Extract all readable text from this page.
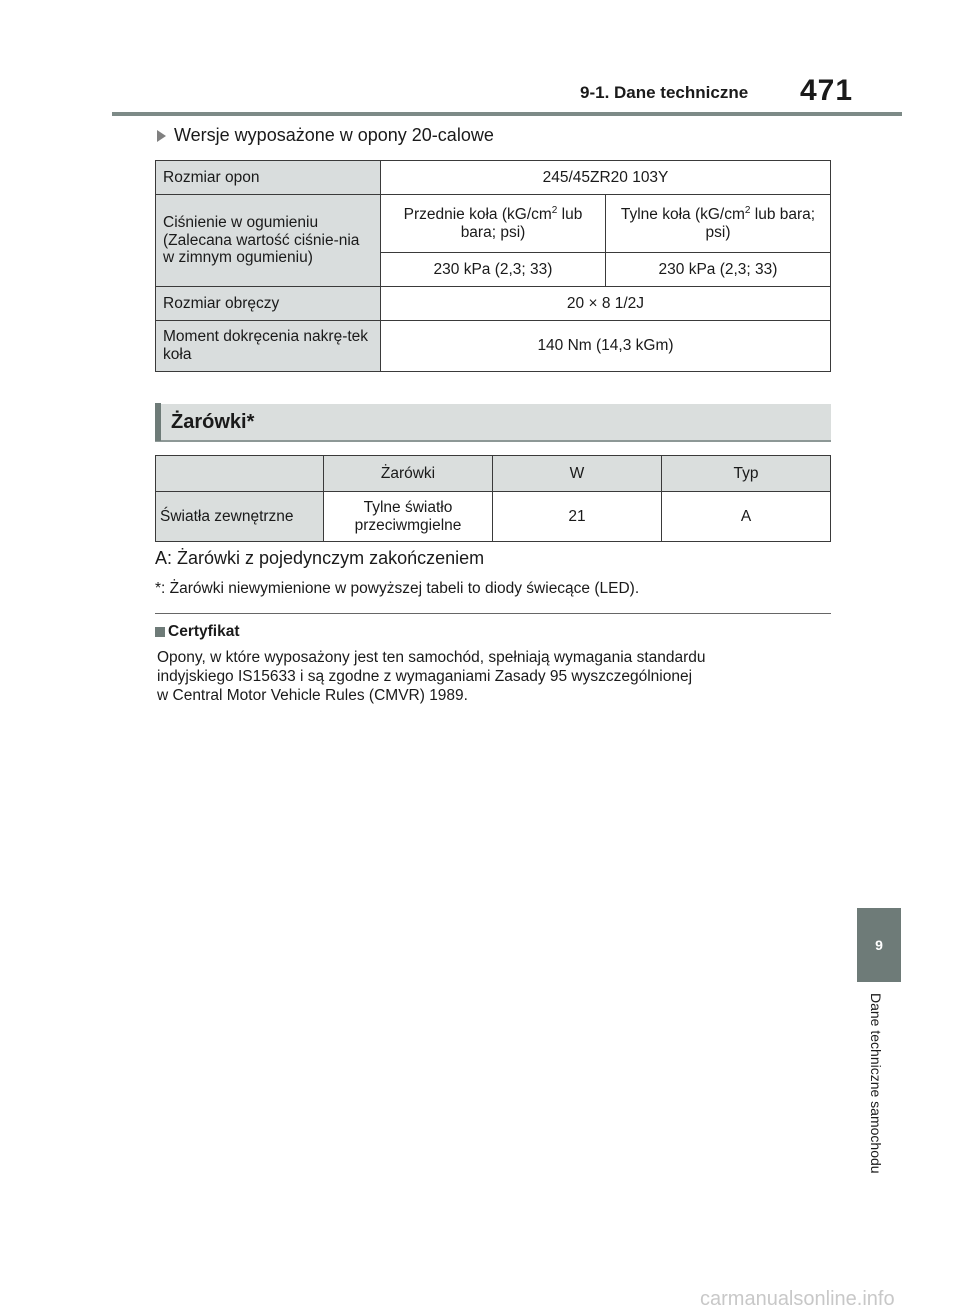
9-1. Dane techniczne 471
Wersje wyposażone w opony 20-calowe
Rozmiar opon	245/45ZR20 103Y	
Ciśnienie w ogumieniu (Zalecana wartość ciśnie-nia w zimnym ogumieniu)	Przednie koła ($kG/cm^2$ lub bara; psi)	Tylne koła ($kG/cm^2$ lub bara; psi)
	230 kPa (2,3; 33)	230 kPa (2,3; 33)
Rozmiar obręczy	20 × 8 1/2J	
Moment dokręcenia nakrę-tek koła	140 Nm (14,3 kGm)	
Żarówki*
	Żarówki	W	Typ
Światła zewnętrzne	Tylne światło przeciwmgielne	21	A
A: Żarówki z pojedynczym zakończeniem
*: Żarówki niewymienione w powyższej tabeli to diody świecące (LED).
Certyfikat
Opony, w które wyposażony jest ten samochód, spełniają wymagania standardu
indyjskiego IS15633 i są zgodne z wymaganiami Zasady 95 wyszczególnionej
w Central Motor Vehicle Rules (CMVR) 1989.
9
Dane techniczne samochodu
carmanualsonline.info
